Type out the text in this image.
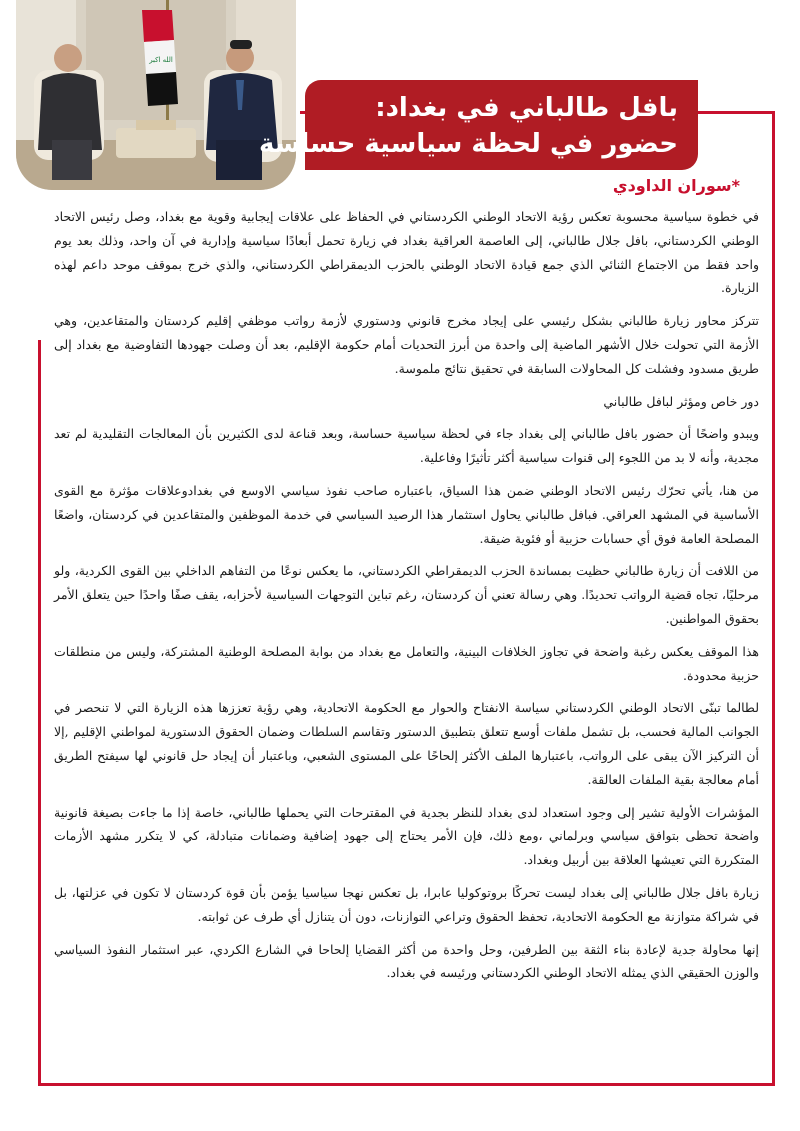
الله اكبر
بافل طالباني في بغداد:
حضور في لحظة سياسية حساسة
*سوران الداودي

في خطوة سياسية محسوبة تعكس رؤية الاتحاد الوطني الكردستاني في الحفاظ على علاقات إيجابية وقوية مع بغداد، وصل رئيس الاتحاد الوطني الكردستاني، بافل جلال طالباني، إلى العاصمة العراقية بغداد في زيارة تحمل أبعادًا سياسية وإدارية في آن واحد، وذلك بعد يوم واحد فقط من الاجتماع الثنائي الذي جمع قيادة الاتحاد الوطني بالحزب الديمقراطي الكردستاني، والذي خرج بموقف موحد داعم لهذه الزيارة.

تتركز محاور زيارة طالباني بشكل رئيسي على إيجاد مخرج قانوني ودستوري لأزمة رواتب موظفي إقليم كردستان والمتقاعدين، وهي الأزمة التي تحولت خلال الأشهر الماضية إلى واحدة من أبرز التحديات أمام حكومة الإقليم، بعد أن وصلت جهودها التفاوضية مع بغداد إلى طريق مسدود وفشلت كل المحاولات السابقة في تحقيق نتائج ملموسة.

دور خاص ومؤثر لبافل طالباني

ويبدو واضحًا أن حضور بافل طالباني إلى بغداد جاء في لحظة سياسية حساسة، وبعد قناعة لدى الكثيرين بأن المعالجات التقليدية لم تعد مجدية، وأنه لا بد من اللجوء إلى قنوات سياسية أكثر تأثيرًا وفاعلية.

من هنا، يأتي تحرّك رئيس الاتحاد الوطني ضمن هذا السياق، باعتباره صاحب نفوذ سياسي الاوسع في بغدادوعلاقات مؤثرة مع القوى الأساسية في المشهد العراقي. فبافل طالباني يحاول استثمار هذا الرصيد السياسي في خدمة الموظفين والمتقاعدين في كردستان، واضعًا المصلحة العامة فوق أي حسابات حزبية أو فئوية ضيقة.

من اللافت أن زيارة طالباني حظيت بمساندة الحزب الديمقراطي الكردستاني، ما يعكس نوعًا من التفاهم الداخلي بين القوى الكردية، ولو مرحليًا، تجاه قضية الرواتب تحديدًا. وهي رسالة تعني أن كردستان، رغم تباين التوجهات السياسية لأحزابه، يقف صفًا واحدًا حين يتعلق الأمر بحقوق المواطنين.

هذا الموقف يعكس رغبة واضحة في تجاوز الخلافات البينية، والتعامل مع بغداد من بوابة المصلحة الوطنية المشتركة، وليس من منطلقات حزبية محدودة.

لطالما تبنّى الاتحاد الوطني الكردستاني سياسة الانفتاح والحوار مع الحكومة الاتحادية، وهي رؤية تعززها هذه الزيارة التي لا تنحصر في الجوانب المالية فحسب، بل تشمل ملفات أوسع تتعلق بتطبيق الدستور وتقاسم السلطات وضمان الحقوق الدستورية لمواطني الإقليم ,إلا أن التركيز الآن يبقى على الرواتب، باعتبارها الملف الأكثر إلحاحًا على المستوى الشعبي، وباعتبار أن إيجاد حل قانوني لها سيفتح الطريق أمام معالجة بقية الملفات العالقة.

المؤشرات الأولية تشير إلى وجود استعداد لدى بغداد للنظر بجدية في المقترحات التي يحملها طالباني، خاصة إذا ما جاءت بصيغة قانونية واضحة تحظى بتوافق سياسي وبرلماني ،ومع ذلك، فإن الأمر يحتاج إلى جهود إضافية وضمانات متبادلة، كي لا يتكرر مشهد الأزمات المتكررة التي تعيشها العلاقة بين أربيل وبغداد.

زيارة بافل جلال طالباني إلى بغداد ليست تحركًا بروتوكوليا عابرا، بل تعكس نهجا سياسيا يؤمن بأن قوة كردستان لا تكون في عزلتها، بل في شراكة متوازنة مع الحكومة الاتحادية، تحفظ الحقوق وتراعي التوازنات، دون أن يتنازل أي طرف عن ثوابته.

إنها محاولة جدية لإعادة بناء الثقة بين الطرفين، وحل واحدة من أكثر القضايا إلحاحا في الشارع الكردي، عبر استثمار النفوذ السياسي والوزن الحقيقي الذي يمثله الاتحاد الوطني الكردستاني ورئيسه في بغداد.
